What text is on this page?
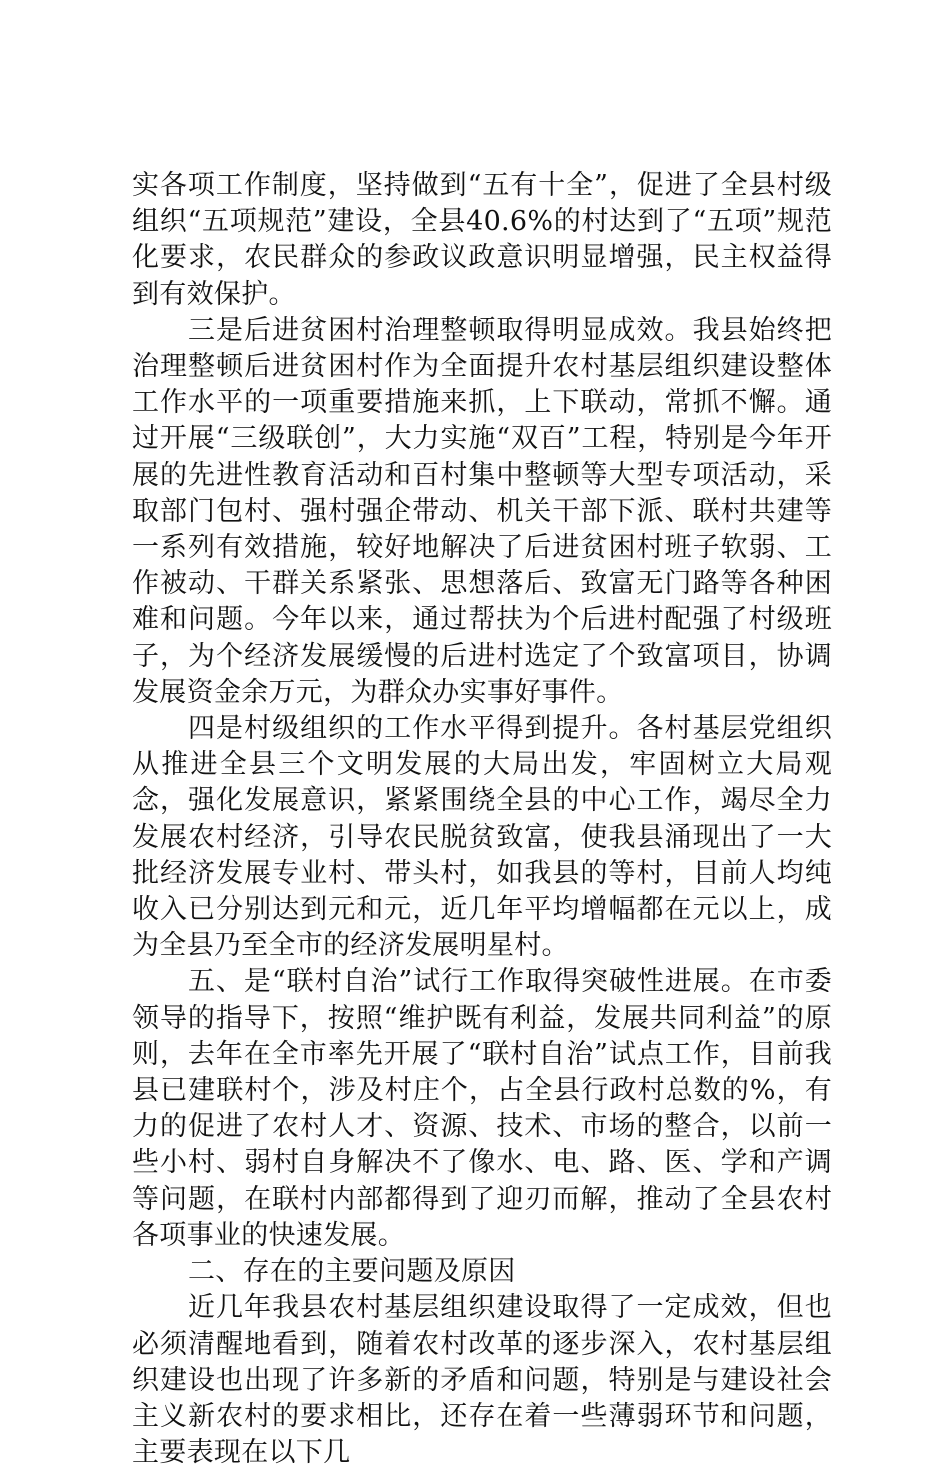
实各项工作制度，坚持做到“五有十全”，促进了全县村级组织“五项规范”建设，全县40.6%的村达到了“五项”规范化要求，农民群众的参政议政意识明显增强，民主权益得到有效保护。

三是后进贫困村治理整顿取得明显成效。我县始终把治理整顿后进贫困村作为全面提升农村基层组织建设整体工作水平的一项重要措施来抓，上下联动，常抓不懈。通过开展“三级联创”，大力实施“双百”工程，特别是今年开展的先进性教育活动和百村集中整顿等大型专项活动，采取部门包村、强村强企带动、机关干部下派、联村共建等一系列有效措施，较好地解决了后进贫困村班子软弱、工作被动、干群关系紧张、思想落后、致富无门路等各种困难和问题。今年以来，通过帮扶为个后进村配强了村级班子，为个经济发展缓慢的后进村选定了个致富项目，协调发展资金余万元，为群众办实事好事件。

四是村级组织的工作水平得到提升。各村基层党组织从推进全县三个文明发展的大局出发，牢固树立大局观念，强化发展意识，紧紧围绕全县的中心工作，竭尽全力发展农村经济，引导农民脱贫致富，使我县涌现出了一大批经济发展专业村、带头村，如我县的等村，目前人均纯收入已分别达到元和元，近几年平均增幅都在元以上，成为全县乃至全市的经济发展明星村。

五、是“联村自治”试行工作取得突破性进展。在市委领导的指导下，按照“维护既有利益，发展共同利益”的原则，去年在全市率先开展了“联村自治”试点工作，目前我县已建联村个，涉及村庄个，占全县行政村总数的%，有力的促进了农村人才、资源、技术、市场的整合，以前一些小村、弱村自身解决不了像水、电、路、医、学和产调等问题，在联村内部都得到了迎刃而解，推动了全县农村各项事业的快速发展。

二、存在的主要问题及原因

近几年我县农村基层组织建设取得了一定成效，但也必须清醒地看到，随着农村改革的逐步深入，农村基层组织建设也出现了许多新的矛盾和问题，特别是与建设社会主义新农村的要求相比，还存在着一些薄弱环节和问题，主要表现在以下几
